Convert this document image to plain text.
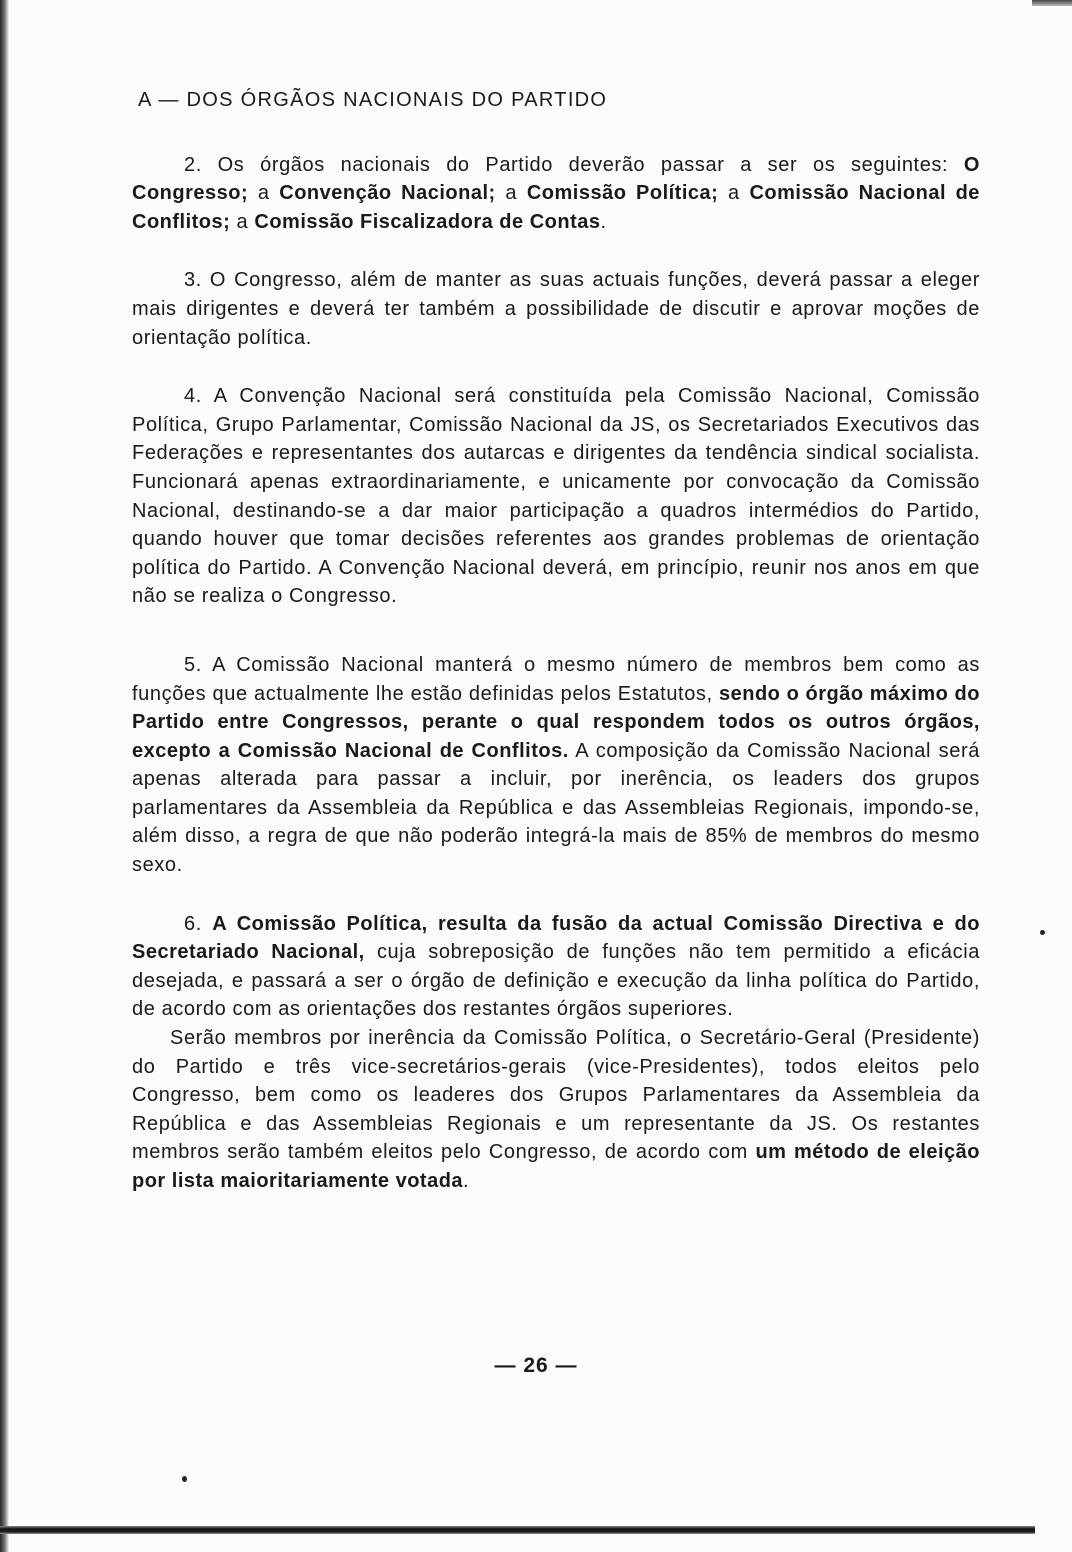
A — DOS ÓRGÃOS NACIONAIS DO PARTIDO

2. Os órgãos nacionais do Partido deverão passar a ser os seguintes: O Congresso; a Convenção Nacional; a Comissão Política; a Comissão Nacional de Conflitos; a Comissão Fiscalizadora de Contas.

3. O Congresso, além de manter as suas actuais funções, deverá passar a eleger mais dirigentes e deverá ter também a possibilidade de discutir e aprovar moções de orientação política.

4. A Convenção Nacional será constituída pela Comissão Nacional, Comissão Política, Grupo Parlamentar, Comissão Nacional da JS, os Secretariados Executivos das Federações e representantes dos autarcas e dirigentes da tendência sindical socialista. Funcionará apenas extraordinariamente, e unicamente por convocação da Comissão Nacional, destinando-se a dar maior participação a quadros intermédios do Partido, quando houver que tomar decisões referentes aos grandes problemas de orientação política do Partido. A Convenção Nacional deverá, em princípio, reunir nos anos em que não se realiza o Congresso.

5. A Comissão Nacional manterá o mesmo número de membros bem como as funções que actualmente lhe estão definidas pelos Estatutos, sendo o órgão máximo do Partido entre Congressos, perante o qual respondem todos os outros órgãos, excepto a Comissão Nacional de Conflitos. A composição da Comissão Nacional será apenas alterada para passar a incluir, por inerência, os leaders dos grupos parlamentares da Assembleia da República e das Assembleias Regionais, impondo-se, além disso, a regra de que não poderão integrá-la mais de 85% de membros do mesmo sexo.

6. A Comissão Política, resulta da fusão da actual Comissão Directiva e do Secretariado Nacional, cuja sobreposição de funções não tem permitido a eficácia desejada, e passará a ser o órgão de definição e execução da linha política do Partido, de acordo com as orientações dos restantes órgãos superiores.

Serão membros por inerência da Comissão Política, o Secretário-Geral (Presidente) do Partido e três vice-secretários-gerais (vice-Presidentes), todos eleitos pelo Congresso, bem como os leaderes dos Grupos Parlamentares da Assembleia da República e das Assembleias Regionais e um representante da JS. Os restantes membros serão também eleitos pelo Congresso, de acordo com um método de eleição por lista maioritariamente votada.

— 26 —
